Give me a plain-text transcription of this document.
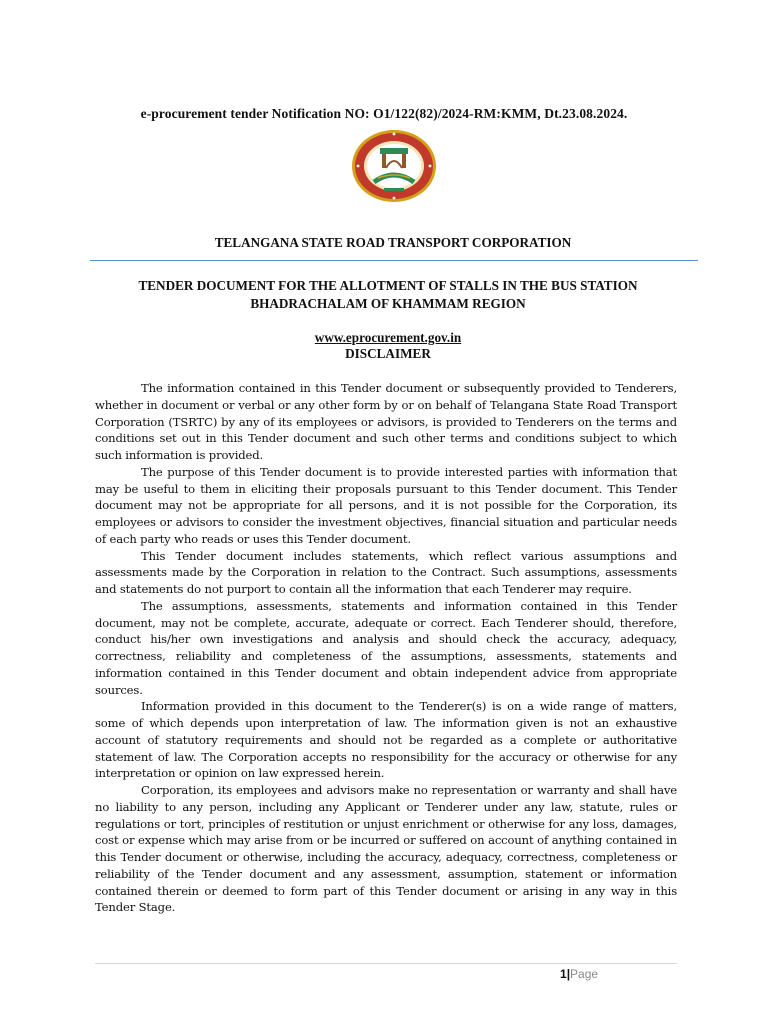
e-procurement tender Notification NO: O1/122(82)/2024-RM:KMM, Dt.23.08.2024.
TELANGANA STATE ROAD TRANSPORT CORPORATION
TENDER DOCUMENT FOR THE ALLOTMENT OF STALLS IN THE BUS STATION
BHADRACHALAM OF KHAMMAM REGION
www.eprocurement.gov.in
DISCLAIMER

The information contained in this Tender document or subsequently provided to Tenderers, whether in document or verbal or any other form by or on behalf of Telangana State Road Transport Corporation (TSRTC) by any of its employees or advisors, is provided to Tenderers on the terms and conditions set out in this Tender document and such other terms and conditions subject to which such information is provided.

The purpose of this Tender document is to provide interested parties with information that may be useful to them in eliciting their proposals pursuant to this Tender document. This Tender document may not be appropriate for all persons, and it is not possible for the Corporation, its employees or advisors to consider the investment objectives, financial situation and particular needs of each party who reads or uses this Tender document.

This Tender document includes statements, which reflect various assumptions and assessments made by the Corporation in relation to the Contract. Such assumptions, assessments and statements do not purport to contain all the information that each Tenderer may require.

The assumptions, assessments, statements and information contained in this Tender document, may not be complete, accurate, adequate or correct. Each Tenderer should, therefore, conduct his/her own investigations and analysis and should check the accuracy, adequacy, correctness, reliability and completeness of the assumptions, assessments, statements and information contained in this Tender document and obtain independent advice from appropriate sources.

Information provided in this document to the Tenderer(s) is on a wide range of matters, some of which depends upon interpretation of law. The information given is not an exhaustive account of statutory requirements and should not be regarded as a complete or authoritative statement of law. The Corporation accepts no responsibility for the accuracy or otherwise for any interpretation or opinion on law expressed herein.

Corporation, its employees and advisors make no representation or warranty and shall have no liability to any person, including any Applicant or Tenderer under any law, statute, rules or regulations or tort, principles of restitution or unjust enrichment or otherwise for any loss, damages, cost or expense which may arise from or be incurred or suffered on account of anything contained in this Tender document or otherwise, including the accuracy, adequacy, correctness, completeness or reliability of the Tender document and any assessment, assumption, statement or information contained therein or deemed to form part of this Tender document or arising in any way in this Tender Stage.

1|Page
